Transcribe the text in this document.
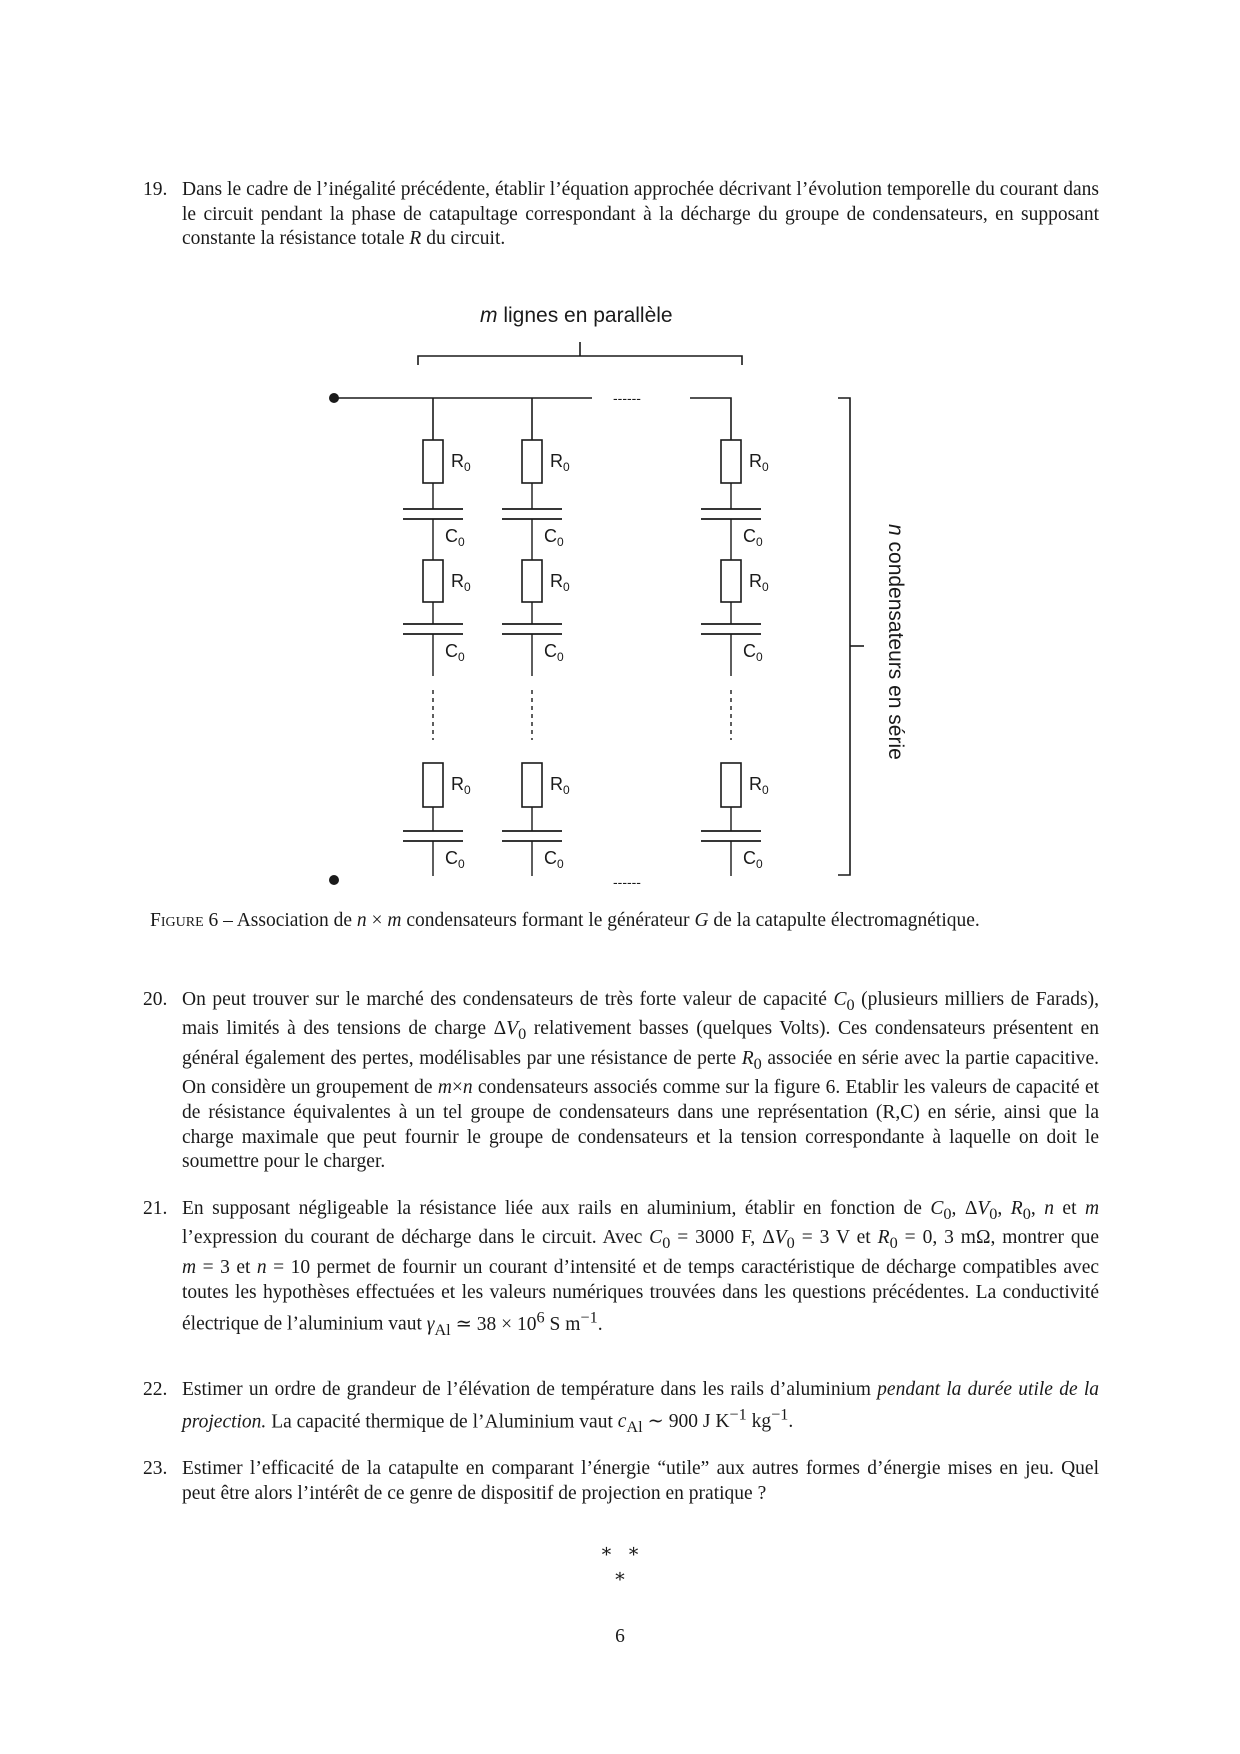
19. Dans le cadre de l’inégalité précédente, établir l’équation approchée décrivant l’évolution temporelle du courant dans le circuit pendant la phase de catapultage correspondant à la décharge du groupe de condensateurs, en supposant constante la résistance totale R du circuit.
------
------
m lignes en parallèle
n condensateurs en série
$R_0$
$C_0$
$R_0$
$C_0$
$R_0$
$C_0$
$R_0$
$C_0$
$R_0$
$C_0$
$R_0$
$C_0$
$R_0$
$C_0$
$R_0$
$C_0$
$R_0$
$C_0$
Figure 6 – Association de n × m condensateurs formant le générateur G de la catapulte électromagnétique.
20. On peut trouver sur le marché des condensateurs de très forte valeur de capacité $C_0$ (plusieurs milliers de Farads), mais limités à des tensions de charge $\Delta V_0$ relativement basses (quelques Volts). Ces condensateurs présentent en général également des pertes, modélisables par une résistance de perte $R_0$ associée en série avec la partie capacitive. On considère un groupement de m×n condensateurs associés comme sur la figure 6. Etablir les valeurs de capacité et de résistance équivalentes à un tel groupe de condensateurs dans une représentation (R,C) en série, ainsi que la charge maximale que peut fournir le groupe de condensateurs et la tension correspondante à laquelle on doit le soumettre pour le charger.
21. En supposant négligeable la résistance liée aux rails en aluminium, établir en fonction de $C_0$, $\Delta V_0$, $R_0$, n et m l’expression du courant de décharge dans le circuit. Avec $C_0 = 3000$ F, $\Delta V_0 = 3$ V et $R_0 = 0$, 3 mΩ, montrer que m = 3 et n = 10 permet de fournir un courant d’intensité et de temps caractéristique de décharge compatibles avec toutes les hypothèses effectuées et les valeurs numériques trouvées dans les questions précédentes. La conductivité électrique de l’aluminium vaut $\gamma_{Al}$ ≃ $38 \times 10^6$ S $m^{-1}$.
22. Estimer un ordre de grandeur de l’élévation de température dans les rails d’aluminium pendant la durée utile de la projection. La capacité thermique de l’Aluminium vaut $c_{Al}$ ∼ 900 J $K^{-1}$ $kg^{-1}$.
23. Estimer l’efficacité de la catapulte en comparant l’énergie “utile” aux autres formes d’énergie mises en jeu. Quel peut être alors l’intérêt de ce genre de dispositif de projection en pratique ?
∗   ∗
∗
6
